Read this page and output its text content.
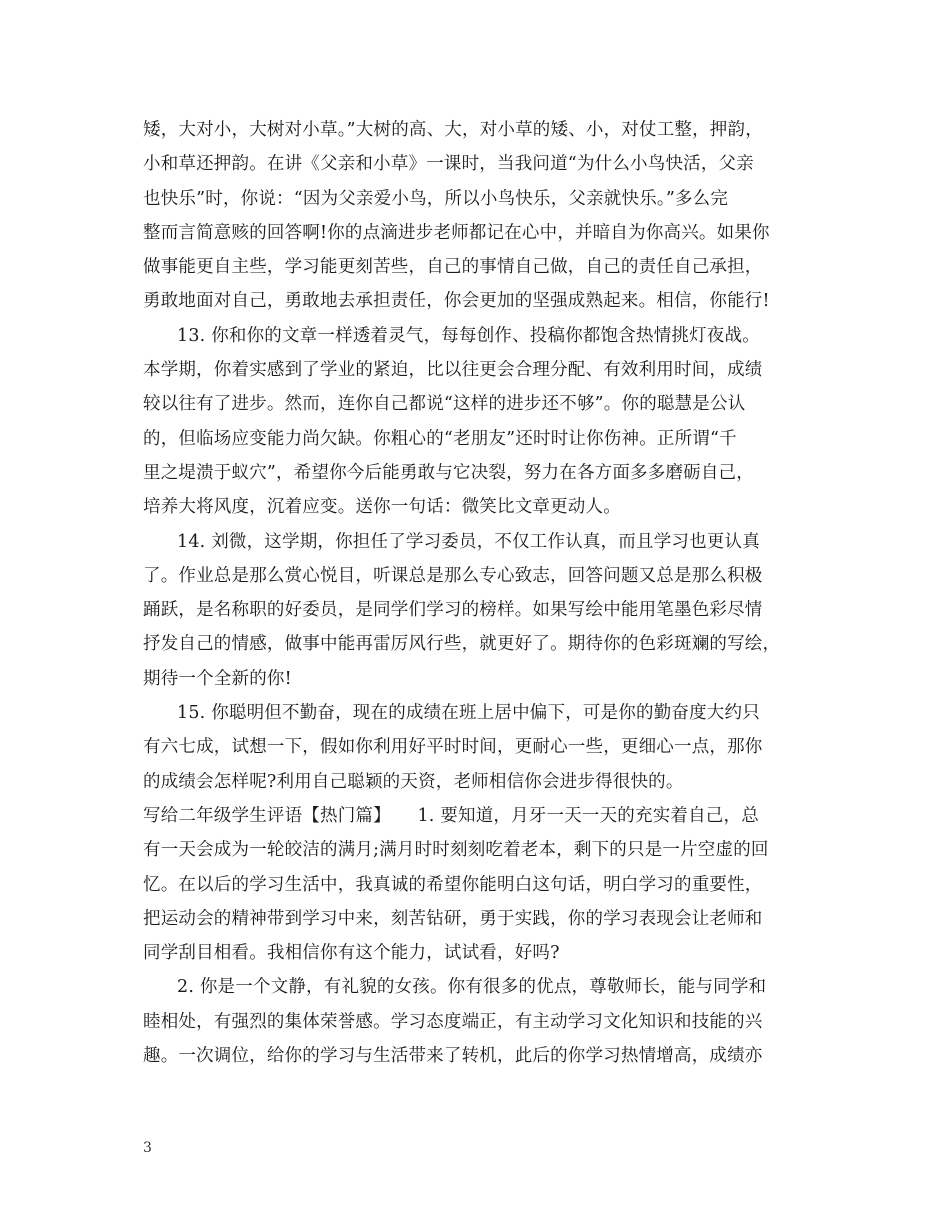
矮，大对小，大树对小草。”大树的高、大，对小草的矮、小，对仗工整，押韵，
小和草还押韵。在讲《父亲和小草》一课时，当我问道“为什么小鸟快活，父亲
也快乐”时，你说：“因为父亲爱小鸟，所以小鸟快乐，父亲就快乐。”多么完
整而言简意赅的回答啊!你的点滴进步老师都记在心中，并暗自为你高兴。如果你
做事能更自主些，学习能更刻苦些，自己的事情自己做，自己的责任自己承担，
勇敢地面对自己，勇敢地去承担责任，你会更加的坚强成熟起来。相信，你能行!
13. 你和你的文章一样透着灵气，每每创作、投稿你都饱含热情挑灯夜战。
本学期，你着实感到了学业的紧迫，比以往更会合理分配、有效利用时间，成绩
较以往有了进步。然而，连你自己都说“这样的进步还不够”。你的聪慧是公认
的，但临场应变能力尚欠缺。你粗心的“老朋友”还时时让你伤神。正所谓“千
里之堤溃于蚁穴”，希望你今后能勇敢与它决裂，努力在各方面多多磨砺自己，
培养大将风度，沉着应变。送你一句话：微笑比文章更动人。
14. 刘微，这学期，你担任了学习委员，不仅工作认真，而且学习也更认真
了。作业总是那么赏心悦目，听课总是那么专心致志，回答问题又总是那么积极
踊跃，是名称职的好委员，是同学们学习的榜样。如果写绘中能用笔墨色彩尽情
抒发自己的情感，做事中能再雷厉风行些，就更好了。期待你的色彩斑斓的写绘，
期待一个全新的你!
15. 你聪明但不勤奋，现在的成绩在班上居中偏下，可是你的勤奋度大约只
有六七成，试想一下，假如你利用好平时时间，更耐心一些，更细心一点，那你
的成绩会怎样呢?利用自己聪颖的天资，老师相信你会进步得很快的。
写给二年级学生评语【热门篇】　　1. 要知道，月牙一天一天的充实着自己，总
有一天会成为一轮皎洁的满月;满月时时刻刻吃着老本，剩下的只是一片空虚的回
忆。在以后的学习生活中，我真诚的希望你能明白这句话，明白学习的重要性，
把运动会的精神带到学习中来，刻苦钻研，勇于实践，你的学习表现会让老师和
同学刮目相看。我相信你有这个能力，试试看，好吗?
2. 你是一个文静，有礼貌的女孩。你有很多的优点，尊敬师长，能与同学和
睦相处，有强烈的集体荣誉感。学习态度端正，有主动学习文化知识和技能的兴
趣。一次调位，给你的学习与生活带来了转机，此后的你学习热情增高，成绩亦
3
